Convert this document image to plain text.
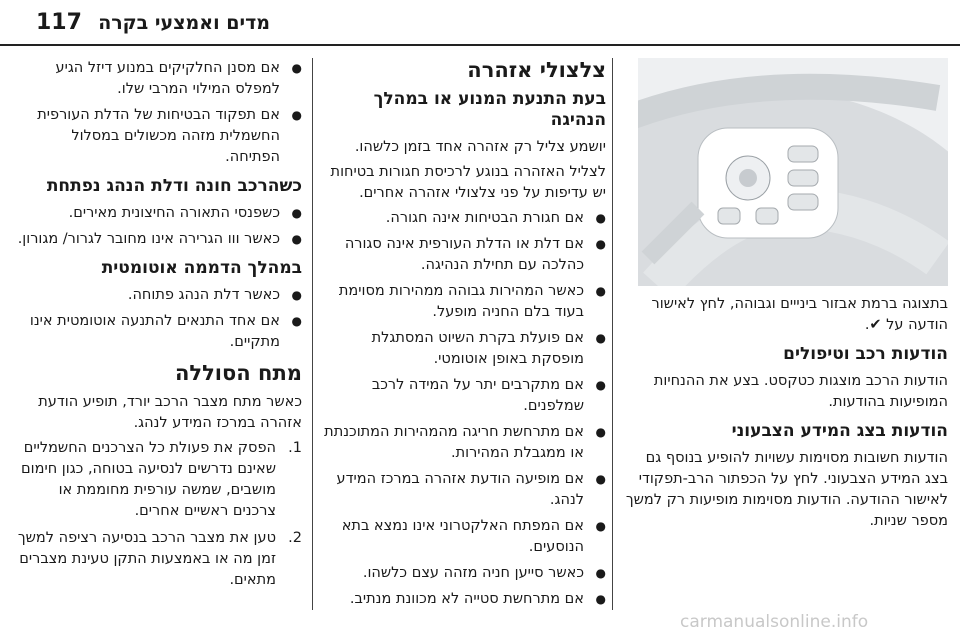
117 מדים ואמצעי בקרה

בתצוגה ברמת אבזור בינייים וגבוהה, לחץ לאישור הודעה על ✔.

הודעות רכב וטיפולים

הודעות הרכב מוצגות כטקסט. בצע את ההנחיות המופיעות בהודעות.

הודעות בצג המידע הצבעוני

הודעות חשובות מסוימות עשויות להופיע בנוסף גם בצג המידע הצבעוני. לחץ על הכפתור הרב-תפקודי לאישור ההודעה. הודעות מסוימות מופיעות רק למשך מספר שניות.

צלצולי אזהרה
בעת התנעת המנוע או במהלך הנהיגה

יושמע צליל רק אזהרה אחד בזמן כלשהו.

לצליל האזהרה בנוגע לרכיסת חגורות בטיחות יש עדיפות על פני צלצולי אזהרה אחרים.

● אם חגורת הבטיחות אינה חגורה.
● אם דלת או הדלת העורפית אינה סגורה כהלכה עם תחילת הנהיגה.
● כאשר המהירות גבוהה ממהירות מסוימת בעוד בלם החניה מופעל.
● אם פועלת בקרת השיוט המסתגלת מופסקת באופן אוטומטי.
● אם מתקרבים יתר על המידה לרכב שמלפנים.
● אם מתרחשת חריגה מהמהירות המתוכנתת או ממגבלת המהירות.
● אם מופיעה הודעת אזהרה במרכז המידע לנהג.
● אם המפתח האלקטרוני אינו נמצא בתא הנוסעים.
● כאשר סייען חניה מזהה עצם כלשהו.
● אם מתרחשת סטייה לא מכוונת מנתיב.
● אם מסנן החלקיקים במנוע דיזל הגיע למפלס המילוי המרבי שלו.
● אם תפקוד הבטיחות של הדלת העורפית החשמלית מזהה מכשולים במסלול הפתיחה.
כשהרכב חונה ודלת הנהג נפתחת
● כשפנסי התאורה החיצונית מאירים.
● כאשר ווו הגרירה אינו מחובר לגרור/ מגורון.
במהלך הדממה אוטומטית
● כאשר דלת הנהג פתוחה.
● אם אחד התנאים להתנעה אוטומטית אינו מתקיים.
מתח הסוללה

כאשר מתח מצבר הרכב יורד, תופיע הודעת אזהרה במרכז המידע לנהג.

1.
הפסק את פעולת כל הצרכנים החשמליים שאינם נדרשים לנסיעה בטוחה, כגון חימום מושבים, שמשה עורפית מחוממת או צרכנים ראשיים אחרים.
2.
טען את מצבר הרכב בנסיעה רציפה למשך זמן מה או באמצעות התקן טעינת מצברים מתאים.
carmanualsonline.info
